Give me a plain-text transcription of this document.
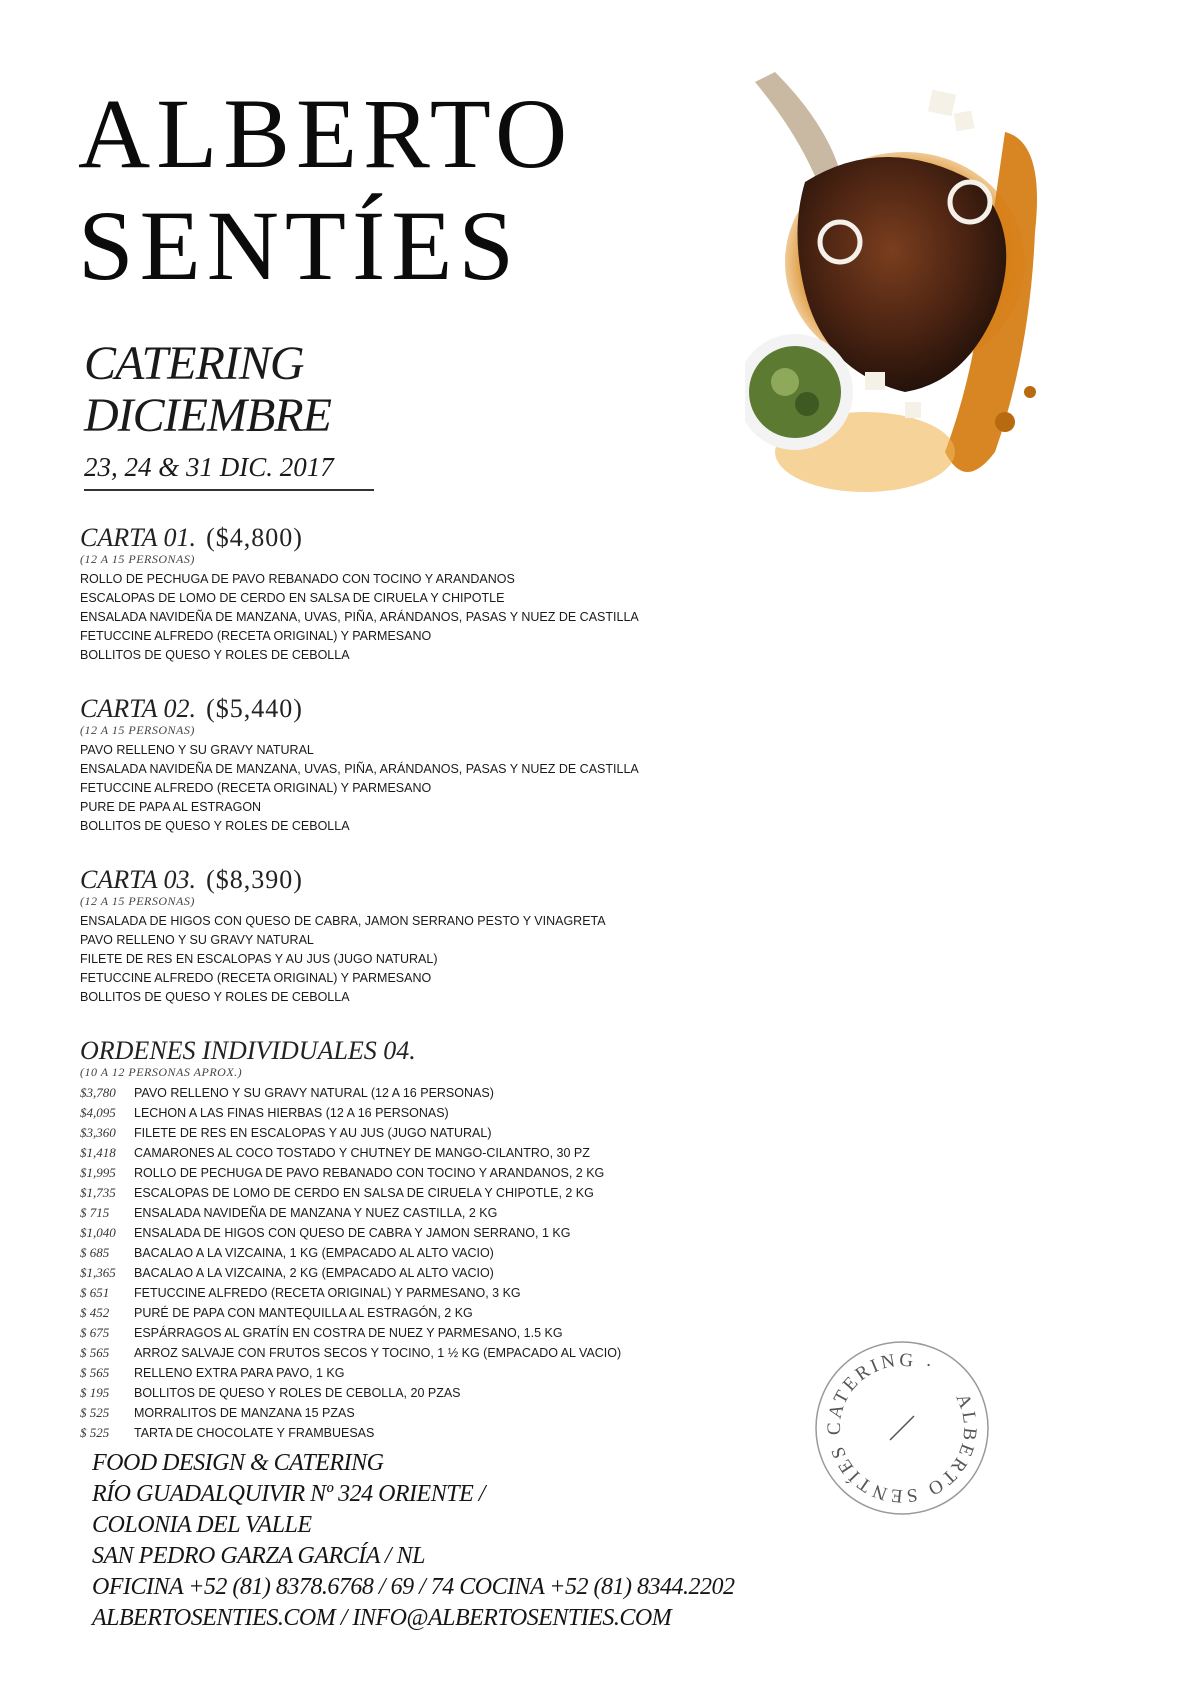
ALBERTO
SENTÍES
CATERING
DICIEMBRE
23, 24 & 31 DIC. 2017
CARTA 01. ($4,800)
(12 A 15 PERSONAS)
ROLLO DE PECHUGA DE PAVO REBANADO CON TOCINO Y ARANDANOS
ESCALOPAS DE LOMO DE CERDO EN SALSA DE CIRUELA Y CHIPOTLE
ENSALADA NAVIDEÑA DE MANZANA, UVAS, PIÑA, ARÁNDANOS, PASAS Y NUEZ DE CASTILLA
FETUCCINE ALFREDO (RECETA ORIGINAL) Y PARMESANO
BOLLITOS DE QUESO Y ROLES DE CEBOLLA
CARTA 02. ($5,440)
(12 A 15 PERSONAS)
PAVO RELLENO Y SU GRAVY NATURAL
ENSALADA NAVIDEÑA DE MANZANA, UVAS, PIÑA, ARÁNDANOS, PASAS Y NUEZ DE CASTILLA
FETUCCINE ALFREDO (RECETA ORIGINAL) Y PARMESANO
PURE DE PAPA AL ESTRAGON
BOLLITOS DE QUESO Y ROLES DE CEBOLLA
CARTA 03. ($8,390)
(12 A 15 PERSONAS)
ENSALADA DE HIGOS CON QUESO DE CABRA, JAMON SERRANO PESTO Y VINAGRETA
PAVO RELLENO Y SU GRAVY NATURAL
FILETE DE RES EN ESCALOPAS Y AU JUS (JUGO NATURAL)
FETUCCINE ALFREDO (RECETA ORIGINAL) Y PARMESANO
BOLLITOS DE QUESO Y ROLES DE CEBOLLA
ORDENES INDIVIDUALES 04.
(10 A 12 PERSONAS APROX.)
$3,780 PAVO RELLENO Y SU GRAVY NATURAL (12 A 16 PERSONAS)
$4,095 LECHON A LAS FINAS HIERBAS (12 A 16 PERSONAS)
$3,360 FILETE DE RES EN ESCALOPAS Y AU JUS (JUGO NATURAL)
$1,418 CAMARONES AL COCO TOSTADO Y CHUTNEY DE MANGO-CILANTRO, 30 PZ
$1,995 ROLLO DE PECHUGA DE PAVO REBANADO CON TOCINO Y ARANDANOS, 2 KG
$1,735 ESCALOPAS DE LOMO DE CERDO EN SALSA DE CIRUELA Y CHIPOTLE, 2 KG
$ 715 ENSALADA NAVIDEÑA DE MANZANA Y NUEZ CASTILLA, 2 KG
$1,040 ENSALADA DE HIGOS CON QUESO DE CABRA Y JAMON SERRANO, 1 KG
$ 685 BACALAO A LA VIZCAINA, 1 KG (EMPACADO AL ALTO VACIO)
$1,365 BACALAO A LA VIZCAINA, 2 KG (EMPACADO AL ALTO VACIO)
$ 651 FETUCCINE ALFREDO (RECETA ORIGINAL) Y PARMESANO, 3 KG
$ 452 PURÉ DE PAPA CON MANTEQUILLA AL ESTRAGÓN, 2 KG
$ 675 ESPÁRRAGOS AL GRATÍN EN COSTRA DE NUEZ Y PARMESANO, 1.5 KG
$ 565 ARROZ SALVAJE CON FRUTOS SECOS Y TOCINO, 1 ½ KG (EMPACADO AL VACIO)
$ 565 RELLENO EXTRA PARA PAVO, 1 KG
$ 195 BOLLITOS DE QUESO Y ROLES DE CEBOLLA, 20 PZAS
$ 525 MORRALITOS DE MANZANA 15 PZAS
$ 525 TARTA DE CHOCOLATE Y FRAMBUESAS
FOOD DESIGN & CATERING
RÍO GUADALQUIVIR Nº 324 ORIENTE /
COLONIA DEL VALLE
SAN PEDRO GARZA GARCÍA / NL
OFICINA +52 (81) 8378.6768 / 69 / 74 COCINA +52 (81) 8344.2202
ALBERTOSENTIES.COM / INFO@ALBERTOSENTIES.COM
ALBERTO SENTÍES CATERING ·
